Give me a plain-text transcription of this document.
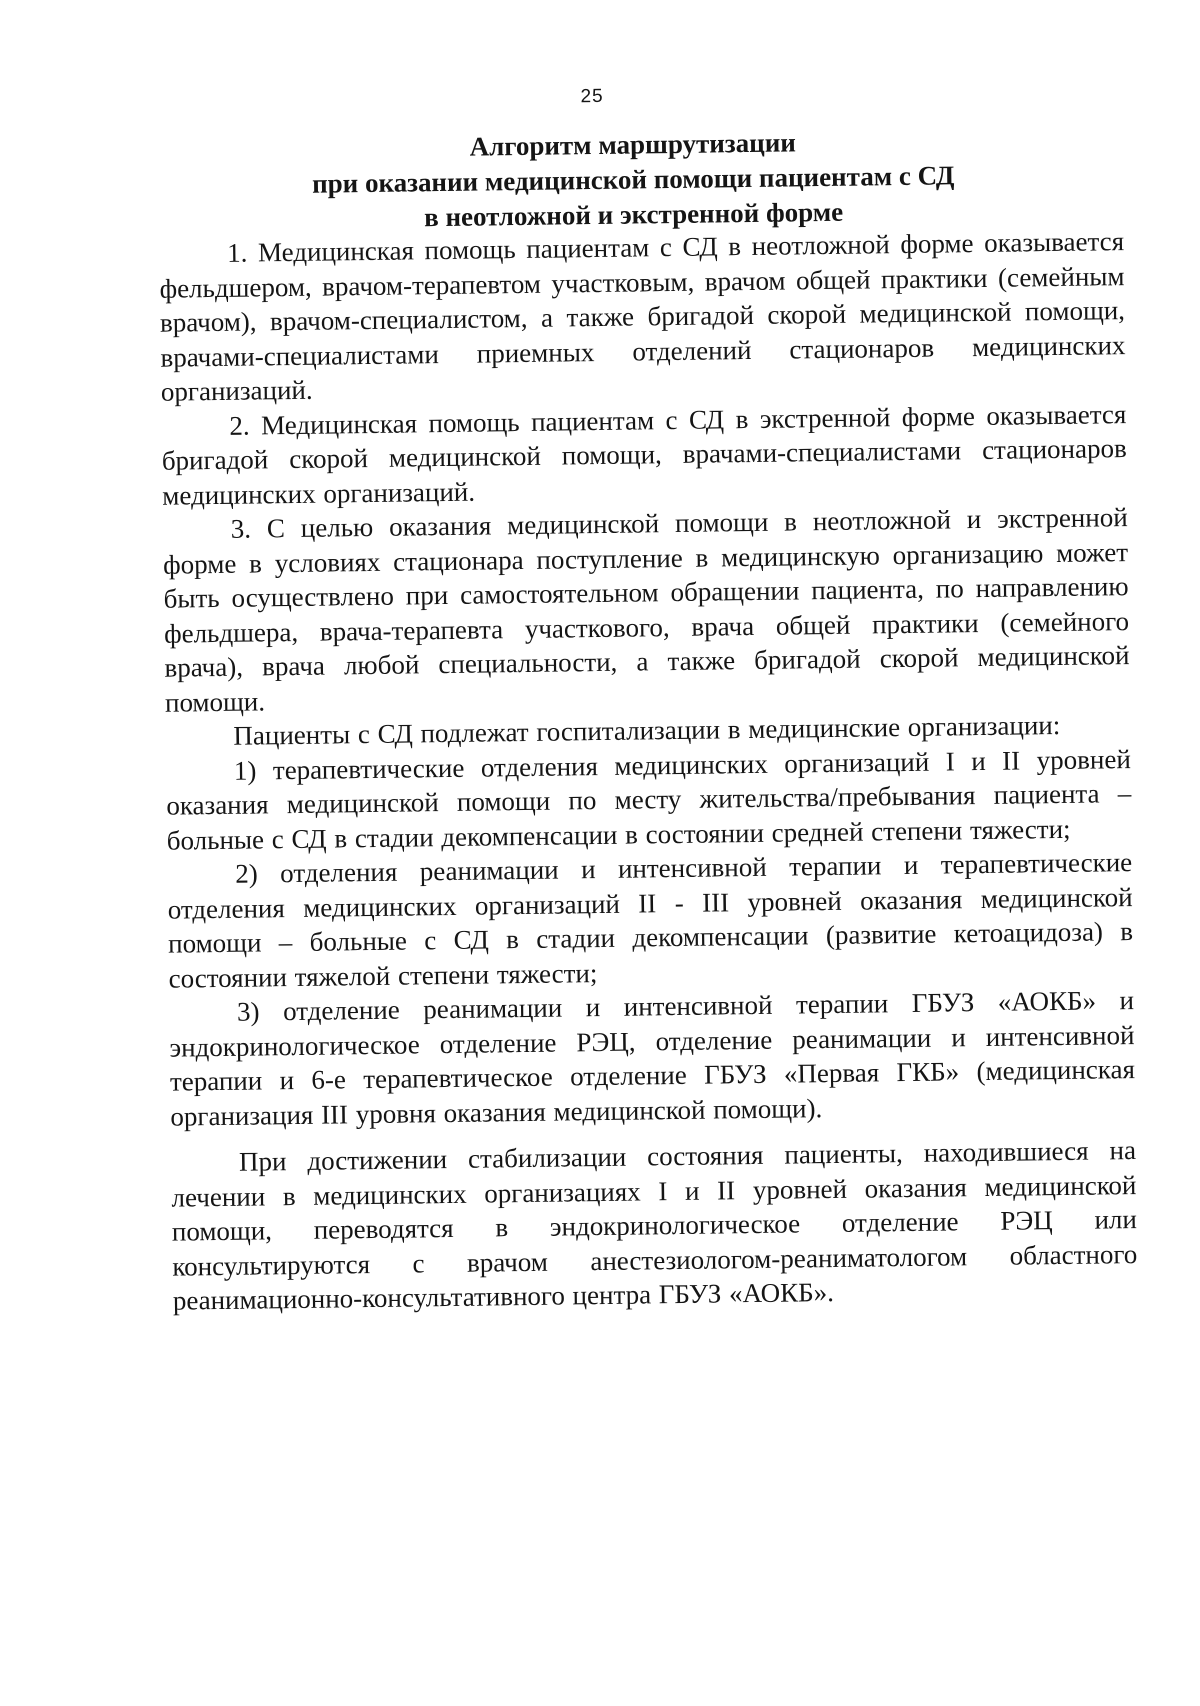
25
Алгоритм маршрутизации
при оказании медицинской помощи пациентам с СД
в неотложной и экстренной форме

1. Медицинская помощь пациентам с СД в неотложной форме оказывается фельдшером, врачом-терапевтом участковым, врачом общей практики (семейным врачом), врачом-специалистом, а также бригадой скорой медицинской помощи, врачами-специалистами приемных отделений стационаров медицинских организаций.

2. Медицинская помощь пациентам с СД в экстренной форме оказывается бригадой скорой медицинской помощи, врачами-специалистами стационаров медицинских организаций.

3. С целью оказания медицинской помощи в неотложной и экстренной форме в условиях стационара поступление в медицинскую организацию может быть осуществлено при самостоятельном обращении пациента, по направлению фельдшера, врача-терапевта участкового, врача общей практики (семейного врача), врача любой специальности, а также бригадой скорой медицинской помощи.

Пациенты с СД подлежат госпитализации в медицинские организации:

1) терапевтические отделения медицинских организаций I и II уровней оказания медицинской помощи по месту жительства/пребывания пациента – больные с СД в стадии декомпенсации в состоянии средней степени тяжести;

2) отделения реанимации и интенсивной терапии и терапевтические отделения медицинских организаций II - III уровней оказания медицинской помощи – больные с СД в стадии декомпенсации (развитие кетоацидоза) в состоянии тяжелой степени тяжести;

3) отделение реанимации и интенсивной терапии ГБУЗ «АОКБ» и эндокринологическое отделение РЭЦ, отделение реанимации и интенсивной терапии и 6-е терапевтическое отделение ГБУЗ «Первая ГКБ» (медицинская организация III уровня оказания медицинской помощи).

При достижении стабилизации состояния пациенты, находившиеся на лечении в медицинских организациях I и II уровней оказания медицинской помощи, переводятся в эндокринологическое отделение РЭЦ или консультируются с врачом анестезиологом-реаниматологом областного реанимационно-консультативного центра ГБУЗ «АОКБ».
